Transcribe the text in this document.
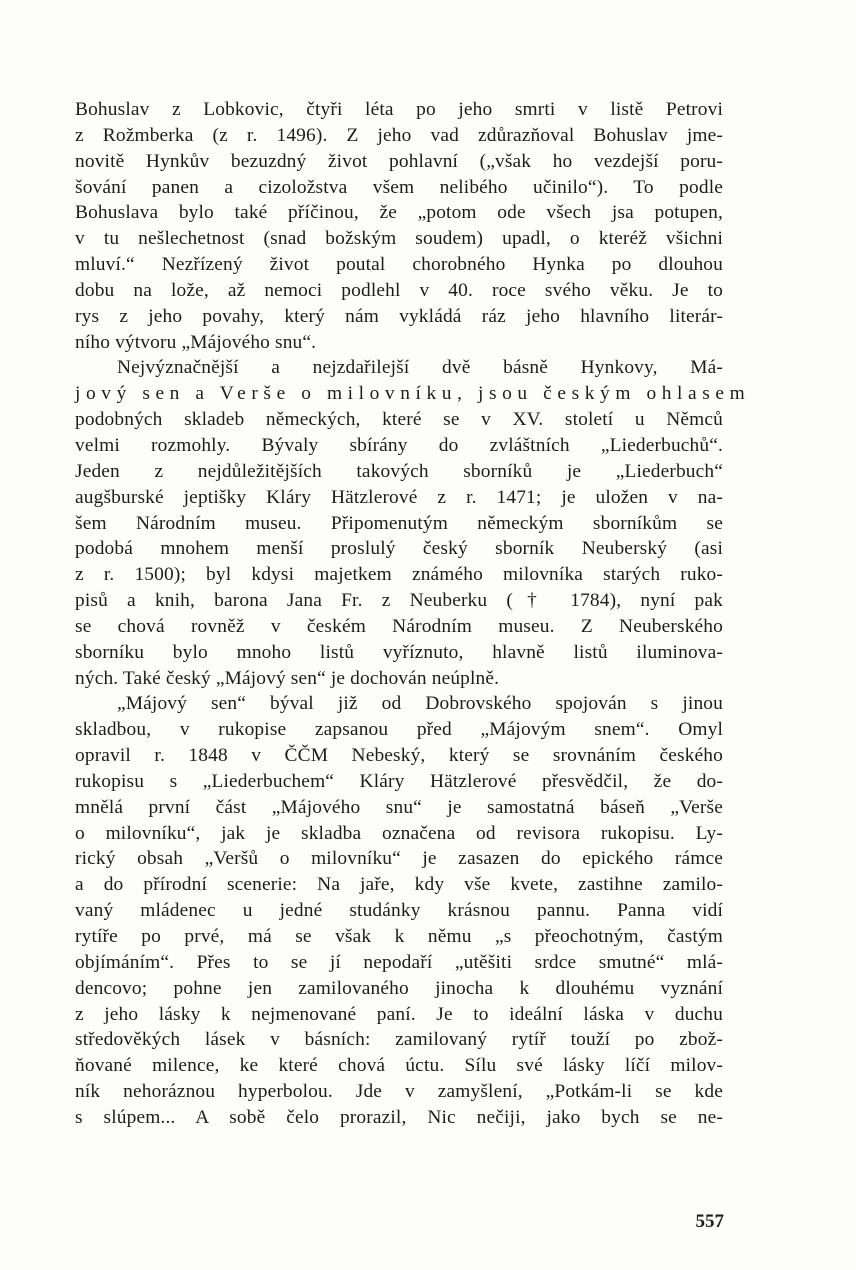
Bohuslav z Lobkovic, čtyři léta po jeho smrti v listě Petrovi
z Rožmberka (z r. 1496). Z jeho vad zdůrazňoval Bohuslav jme-
novitě Hynkův bezuzdný život pohlavní („však ho vezdejší poru-
šování panen a cizoložstva všem nelibého učinilo“). To podle
Bohuslava bylo také příčinou, že „potom ode všech jsa potupen,
v tu nešlechetnost (snad božským soudem) upadl, o kteréž všichni
mluví.“ Nezřízený život poutal chorobného Hynka po dlouhou
dobu na lože, až nemoci podlehl v 40. roce svého věku. Je to
rys z jeho povahy, který nám vykládá ráz jeho hlavního literár-
ního výtvoru „Májového snu“.
Nejvýznačnější a nejzdařilejší dvě básně Hynkovy, Má-
jový sen a Verše o milovníku, jsou českým ohlasem
podobných skladeb německých, které se v XV. století u Němců
velmi rozmohly. Bývaly sbírány do zvláštních „Liederbuchů“.
Jeden z nejdůležitějších takových sborníků je „Liederbuch“
augšburské jeptišky Kláry Hätzlerové z r. 1471; je uložen v na-
šem Národním museu. Připomenutým německým sborníkům se
podobá mnohem menší proslulý český sborník Neuberský (asi
z r. 1500); byl kdysi majetkem známého milovníka starých ruko-
pisů a knih, barona Jana Fr. z Neuberku († 1784), nyní pak
se chová rovněž v českém Národním museu. Z Neuberského
sborníku bylo mnoho listů vyříznuto, hlavně listů iluminova-
ných. Také český „Májový sen“ je dochován neúplně.
„Májový sen“ býval již od Dobrovského spojován s jinou
skladbou, v rukopise zapsanou před „Májovým snem“. Omyl
opravil r. 1848 v ČČM Nebeský, který se srovnáním českého
rukopisu s „Liederbuchem“ Kláry Hätzlerové přesvědčil, že do-
mnělá první část „Májového snu“ je samostatná báseň „Verše
o milovníku“, jak je skladba označena od revisora rukopisu. Ly-
rický obsah „Veršů o milovníku“ je zasazen do epického rámce
a do přírodní scenerie: Na jaře, kdy vše kvete, zastihne zamilo-
vaný mládenec u jedné studánky krásnou pannu. Panna vidí
rytíře po prvé, má se však k němu „s přeochotným, častým
objímáním“. Přes to se jí nepodaří „utěšiti srdce smutné“ mlá-
dencovo; pohne jen zamilovaného jinocha k dlouhému vyznání
z jeho lásky k nejmenované paní. Je to ideální láska v duchu
středověkých lásek v básních: zamilovaný rytíř touží po zbož-
ňované milence, ke které chová úctu. Sílu své lásky líčí milov-
ník nehoráznou hyperbolou. Jde v zamyšlení, „Potkám-li se kde
s slúpem... A sobě čelo prorazil, Nic nečiji, jako bych se ne-
557
